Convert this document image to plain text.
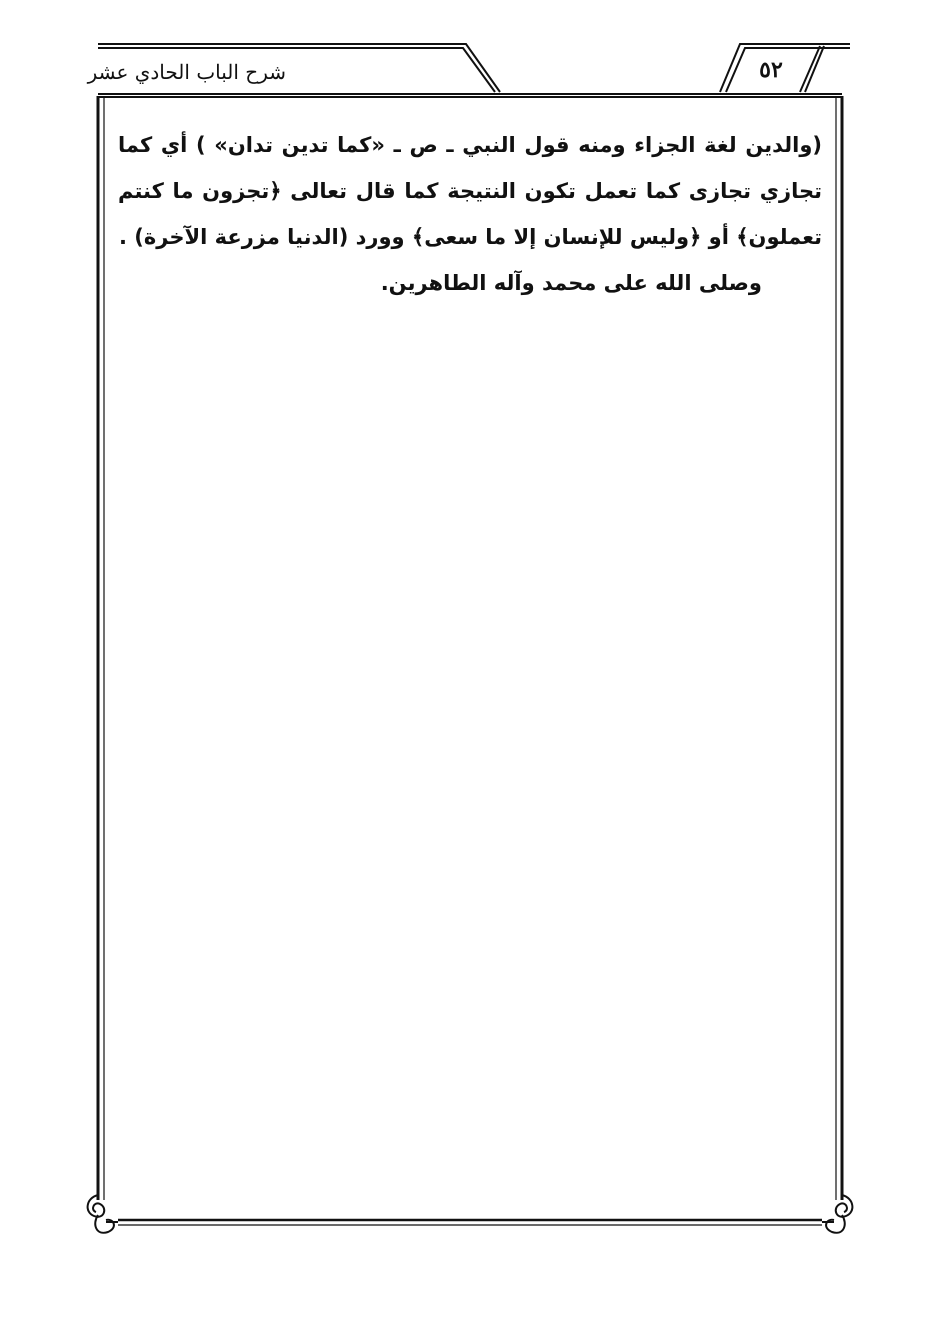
شرح الباب الحادي عشر	٥٢

(والدين لغة الجزاء ومنه قول النبي ـ ص ـ «كما تدين تدان» ) أي كما تجازي تجازى كما تعمل تكون النتيجة كما قال تعالى ﴿تجزون ما كنتم تعملون﴾ أو ﴿وليس للإنسان إلا ما سعى﴾ وورد (الدنيا مزرعة الآخرة) .

وصلى الله على محمد وآله الطاهرين.
